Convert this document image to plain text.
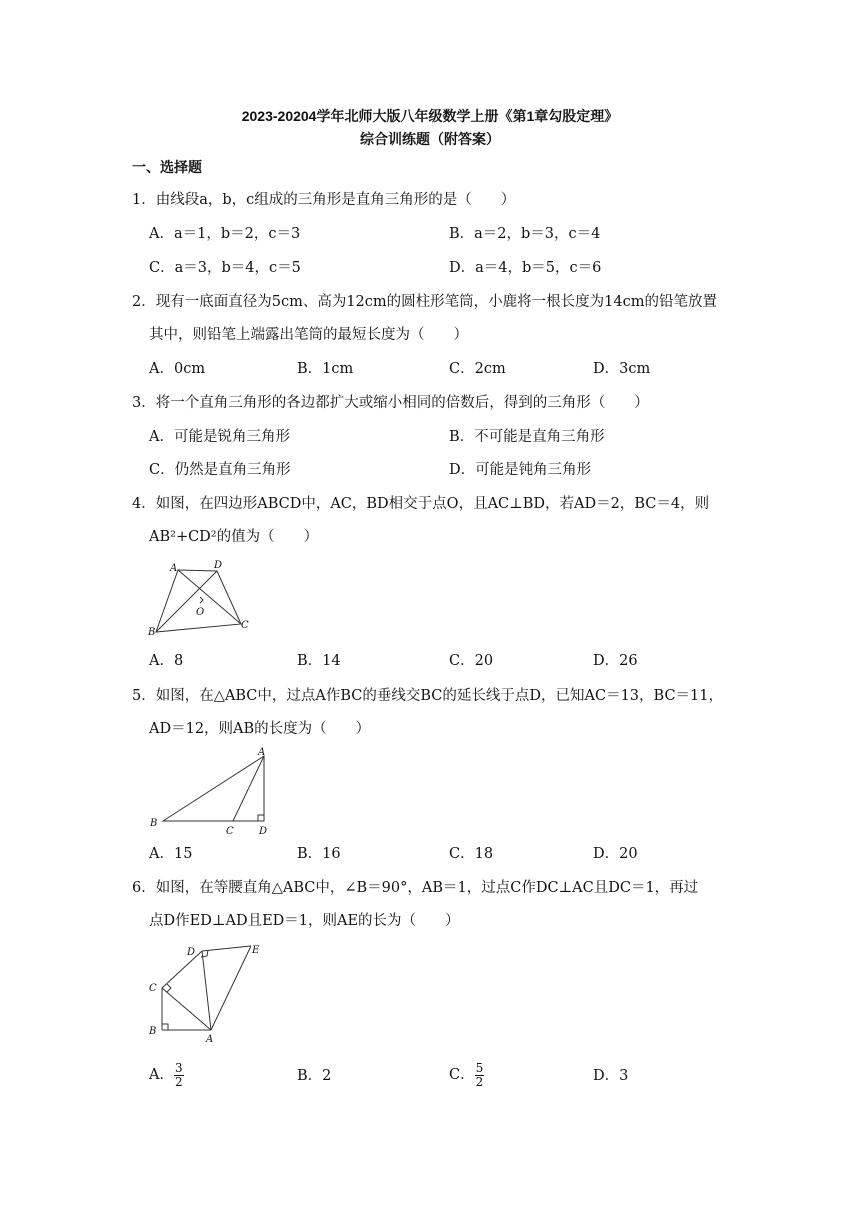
2023-20204学年北师大版八年级数学上册《第1章勾股定理》
综合训练题（附答案）
一、选择题
1．由线段a，b，c组成的三角形是直角三角形的是（　　）
A．a＝1，b＝2，c＝3	B．a＝2，b＝3，c＝4
C．a＝3，b＝4，c＝5	D．a＝4，b＝5，c＝6
2．现有一底面直径为5cm、高为12cm的圆柱形笔筒，小鹿将一根长度为14cm的铅笔放置
其中，则铅笔上端露出笔筒的最短长度为（　　）
A．0cm	B．1cm	C．2cm	D．3cm
3．将一个直角三角形的各边都扩大或缩小相同的倍数后，得到的三角形（　　）
A．可能是锐角三角形	B．不可能是直角三角形
C．仍然是直角三角形	D．可能是钝角三角形
4．如图，在四边形ABCD中，AC，BD相交于点O，且AC⊥BD，若AD＝2，BC＝4，则
AB²+CD²的值为（　　）
A	D
O
B
C
A．8	B．14	C．20	D．26
5．如图，在△ABC中，过点A作BC的垂线交BC的延长线于点D，已知AC＝13，BC＝11，
AD＝12，则AB的长度为（　　）
A
B
C	D
A．15	B．16	C．18	D．20
6．如图，在等腰直角△ABC中，∠B＝90°，AB＝1，过点C作DC⊥AC且DC＝1，再过
点D作ED⊥AD且ED＝1，则AE的长为（　　）
D	E
C
B
A
A． $\frac{3}{2}$	B．2	C． $\frac{5}{2}$	D．3
